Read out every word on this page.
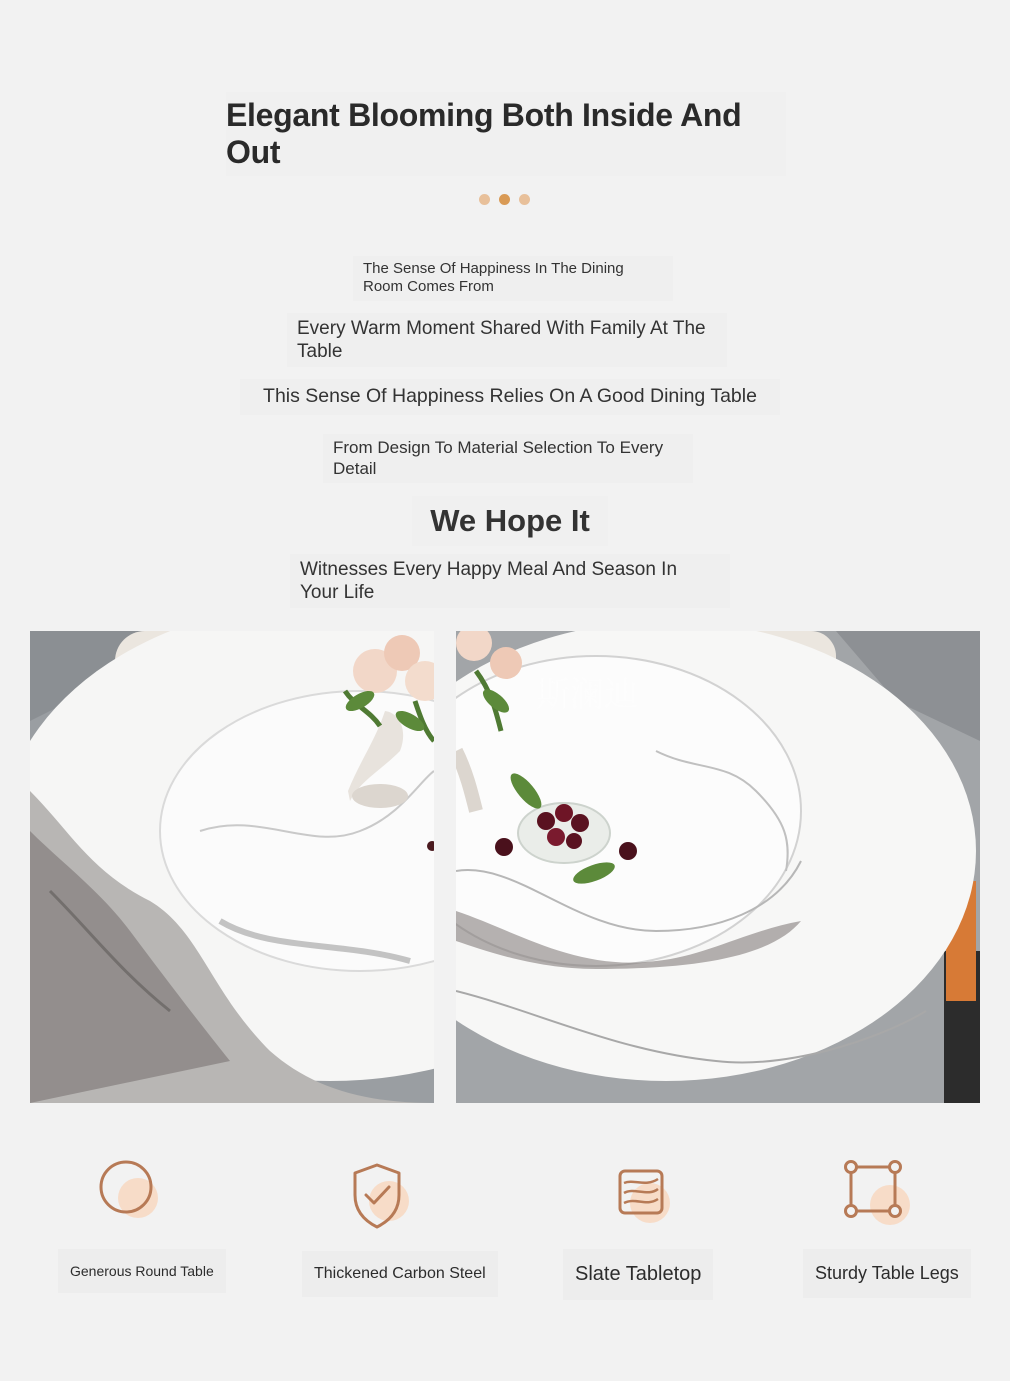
Elegant Blooming Both Inside And Out
The Sense Of Happiness In The Dining Room Comes From
Every Warm Moment Shared With Family At The Table
This Sense Of Happiness Relies On A Good Dining Table
From Design To Material Selection To Every Detail
We Hope It
Witnesses Every Happy Meal And Season In Your Life
斯澜迪
Generous Round Table	Thickened Carbon Steel	Slate Tabletop	Sturdy Table Legs
